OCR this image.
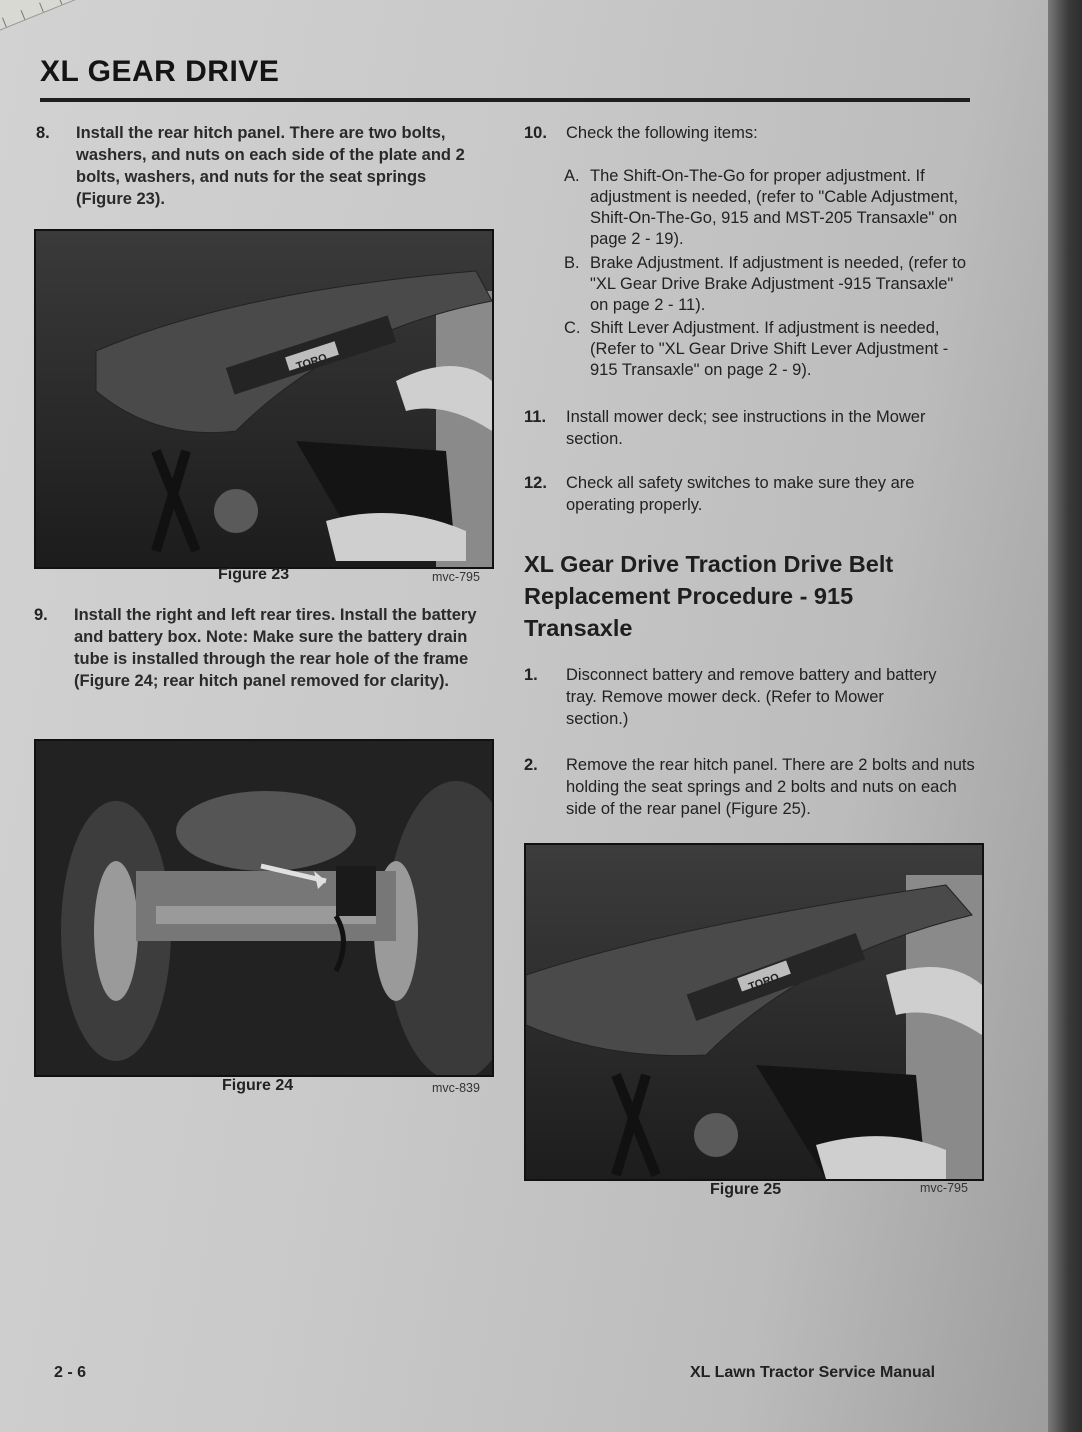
XL GEAR DRIVE
8. Install the rear hitch panel. There are two bolts, washers, and nuts on each side of the plate and 2 bolts, washers, and nuts for the seat springs (Figure 23).
TORO
Figure 23	mvc-795
9. Install the right and left rear tires. Install the battery and battery box. Note: Make sure the battery drain tube is installed through the rear hole of the frame (Figure 24; rear hitch panel removed for clarity).
Figure 24	mvc-839
10. Check the following items:
A. The Shift-On-The-Go for proper adjustment. If adjustment is needed, (refer to "Cable Adjustment, Shift-On-The-Go, 915 and MST-205 Transaxle" on page 2 - 19).
B. Brake Adjustment. If adjustment is needed, (refer to "XL Gear Drive Brake Adjustment -915 Transaxle" on page 2 - 11).
C. Shift Lever Adjustment. If adjustment is needed, (Refer to "XL Gear Drive Shift Lever Adjustment - 915 Transaxle" on page 2 - 9).
11. Install mower deck; see instructions in the Mower section.
12. Check all safety switches to make sure they are operating properly.
XL Gear Drive Traction Drive Belt Replacement Procedure - 915 Transaxle
1. Disconnect battery and remove battery and battery tray. Remove mower deck. (Refer to Mower section.)
2. Remove the rear hitch panel. There are 2 bolts and nuts holding the seat springs and 2 bolts and nuts on each side of the rear panel (Figure 25).
TORO
Figure 25	mvc-795
2 - 6	XL Lawn Tractor Service Manual
